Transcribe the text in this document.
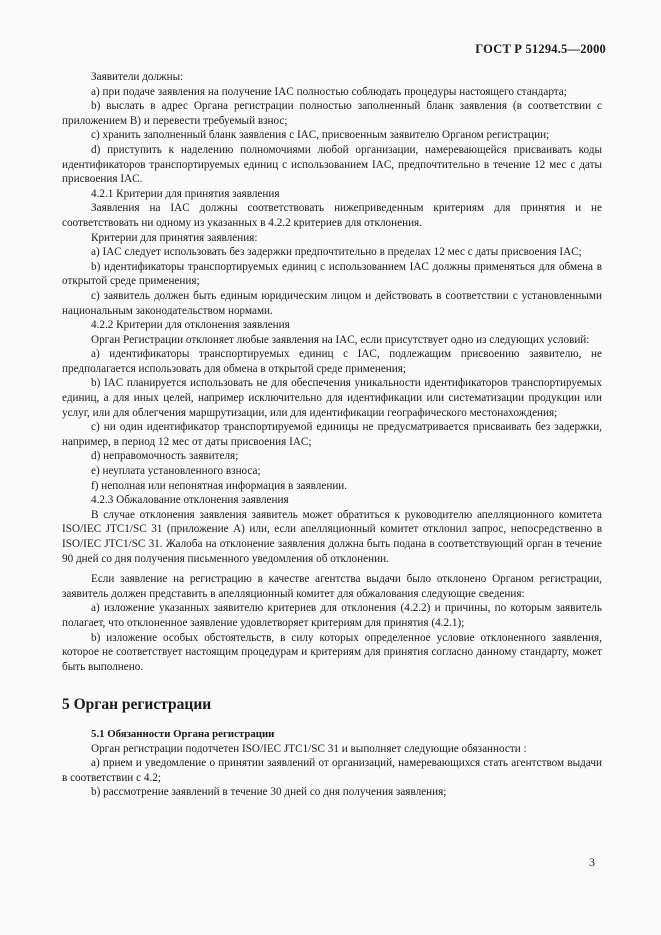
ГОСТ Р 51294.5—2000

Заявители должны:

а) при подаче заявления на получение IAC полностью соблюдать процедуры настоящего стандарта;

b) выслать в адрес Органа регистрации полностью заполненный бланк заявления (в соответствии с приложением В) и перевести требуемый взнос;

с) хранить заполненный бланк заявления с IAC, присвоенным заявителю Органом регистрации;

d) приступить к наделению полномочиями любой организации, намеревающейся присваивать коды идентификаторов транспортируемых единиц с использованием IAC, предпочтительно в течение 12 мес с даты присвоения IAC.

4.2.1 Критерии для принятия заявления

Заявления на IAC должны соответствовать нижеприведенным критериям для принятия и не соответствовать ни одному из указанных в 4.2.2 критериев для отклонения.

Критерии для принятия заявления:

а) IAC следует использовать без задержки предпочтительно в пределах 12 мес с даты присвоения IAC;

b) идентификаторы транспортируемых единиц с использованием IAC должны применяться для обмена в открытой среде применения;

с) заявитель должен быть единым юридическим лицом и действовать в соответствии с установленными национальным законодательством нормами.

4.2.2 Критерии для отклонения заявления

Орган Регистрации отклоняет любые заявления на IAC, если присутствует одно из следующих условий:

а) идентификаторы транспортируемых единиц с IAC, подлежащим присвоению заявителю, не предполагается использовать для обмена в открытой среде применения;

b) IAC планируется использовать не для обеспечения уникальности идентификаторов транспортируемых единиц, а для иных целей, например исключительно для идентификации или систематизации продукции или услуг, или для облегчения маршрутизации, или для идентификации географического местонахождения;

с) ни один идентификатор транспортируемой единицы не предусматривается присваивать без задержки, например, в период 12 мес от даты присвоения IAC;

d) неправомочность заявителя;

е) неуплата установленного взноса;

f) неполная или непонятная информация в заявлении.

4.2.3 Обжалование отклонения заявления

В случае отклонения заявления заявитель может обратиться к руководителю апелляционного комитета ISO/IEC JTC1/SC 31 (приложение А) или, если апелляционный комитет отклонил запрос, непосредственно в ISO/IEC JTC1/SC 31. Жалоба на отклонение заявления должна быть подана в соответствующий орган в течение 90 дней со дня получения письменного уведомления об отклонении.

Если заявление на регистрацию в качестве агентства выдачи было отклонено Органом регистрации, заявитель должен представить в апелляционный комитет для обжалования следующие сведения:

а) изложение указанных заявителю критериев для отклонения (4.2.2) и причины, по которым заявитель полагает, что отклоненное заявление удовлетворяет критериям для принятия (4.2.1);

b) изложение особых обстоятельств, в силу которых определенное условие отклоненного заявления, которое не соответствует настоящим процедурам и критериям для принятия согласно данному стандарту, может быть выполнено.

5 Орган регистрации

5.1 Обязанности Органа регистрации

Орган регистрации подотчетен ISO/IEC JTC1/SC 31 и выполняет следующие обязанности :

а) прием и уведомление о принятии заявлений от организаций, намеревающихся стать агентством выдачи в соответствии с 4.2;

b) рассмотрение заявлений в течение 30 дней со дня получения заявления;

3
